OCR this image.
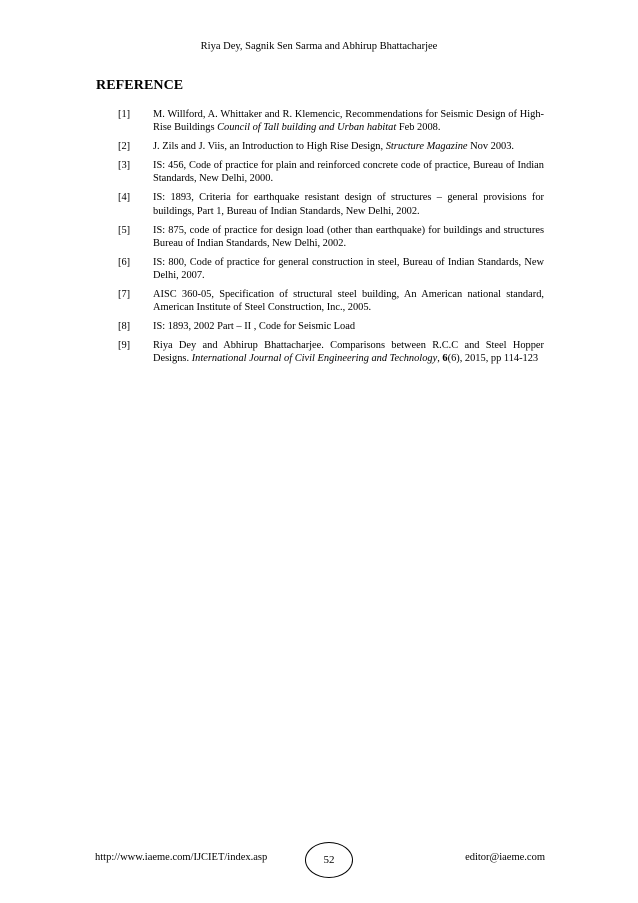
Riya Dey, Sagnik Sen Sarma and Abhirup Bhattacharjee
REFERENCE
[1]	M. Willford, A. Whittaker and R. Klemencic, Recommendations for Seismic Design of High-Rise Buildings Council of Tall building and Urban habitat Feb 2008.
[2]	J. Zils and J. Viis, an Introduction to High Rise Design, Structure Magazine Nov 2003.
[3]	IS: 456, Code of practice for plain and reinforced concrete code of practice, Bureau of Indian Standards, New Delhi, 2000.
[4]	IS: 1893, Criteria for earthquake resistant design of structures – general provisions for buildings, Part 1, Bureau of Indian Standards, New Delhi, 2002.
[5]	IS: 875, code of practice for design load (other than earthquake) for buildings and structures Bureau of Indian Standards, New Delhi, 2002.
[6]	IS: 800, Code of practice for general construction in steel, Bureau of Indian Standards, New Delhi, 2007.
[7]	AISC 360-05, Specification of structural steel building, An American national standard, American Institute of Steel Construction, Inc., 2005.
[8]	IS: 1893, 2002 Part – II , Code for Seismic Load
[9]	Riya Dey and Abhirup Bhattacharjee. Comparisons between R.C.C and Steel Hopper Designs. International Journal of Civil Engineering and Technology, 6(6), 2015, pp 114-123
http://www.iaeme.com/IJCIET/index.asp	52	editor@iaeme.com
